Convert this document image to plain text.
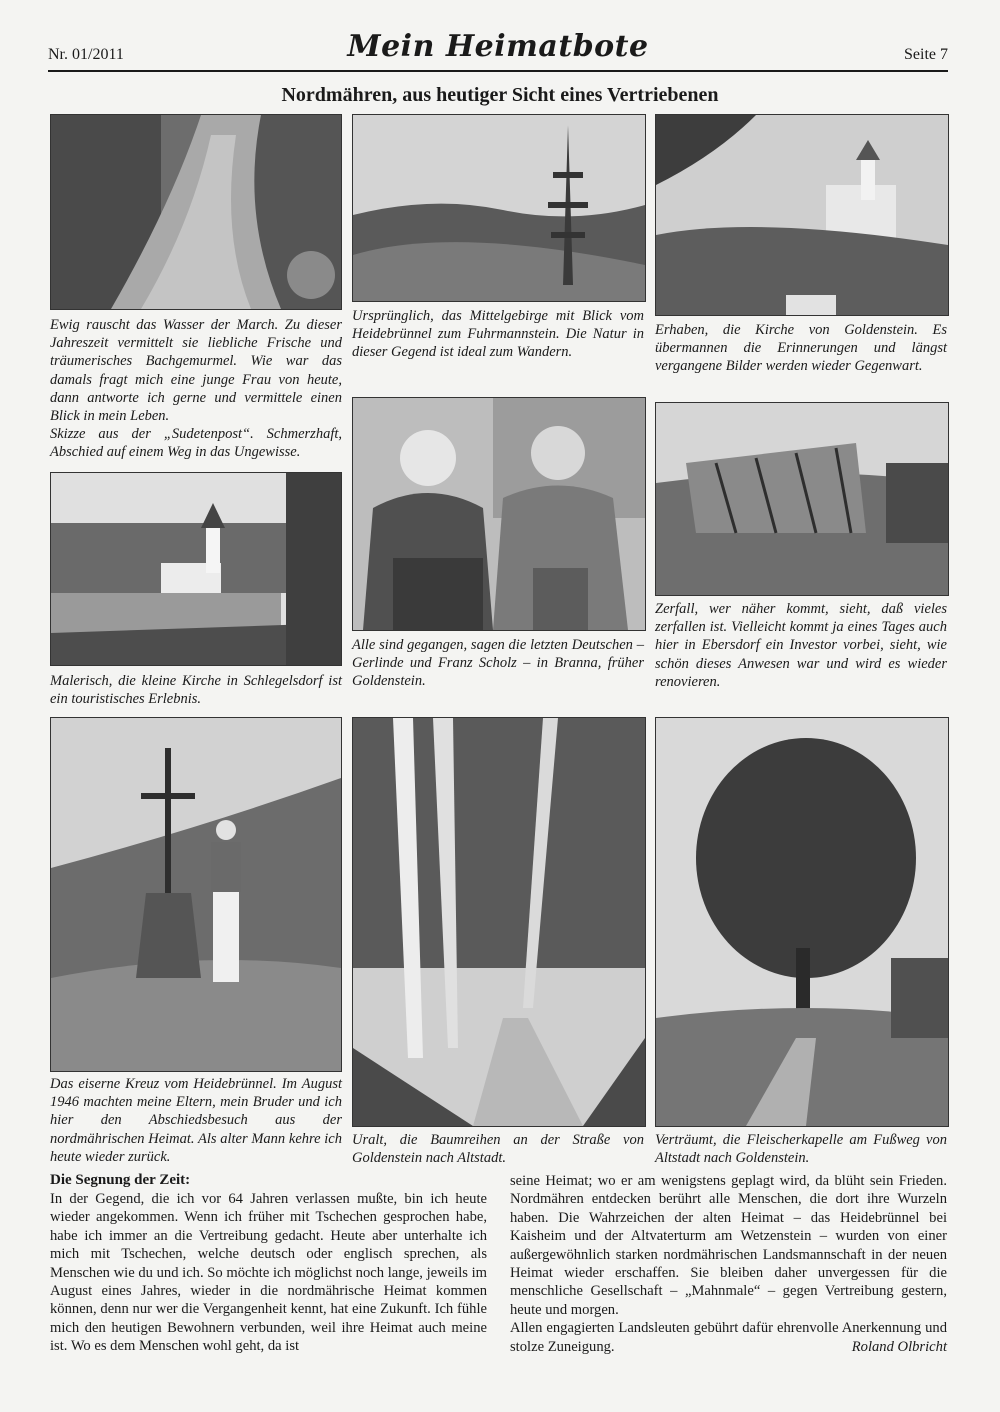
Nr. 01/2011	Mein Heimatbote	Seite 7
Nordmähren, aus heutiger Sicht eines Vertriebenen

Ewig rauscht das Wasser der March. Zu dieser Jahreszeit vermittelt sie liebliche Frische und träumerisches Bachgemurmel. Wie war das damals fragt mich eine junge Frau von heute, dann antworte ich gerne und vermittele einen Blick in mein Leben.

Skizze aus der „Sudetenpost“. Schmerzhaft, Abschied auf einem Weg in das Ungewisse.

Ursprünglich, das Mittelgebirge mit Blick vom Heidebrünnel zum Fuhrmannstein. Die Natur in dieser Gegend ist ideal zum Wandern.

Erhaben, die Kirche von Goldenstein. Es übermannen die Erinnerungen und längst vergangene Bilder werden wieder Gegenwart.

Malerisch, die kleine Kirche in Schlegelsdorf ist ein touristisches Erlebnis.

Alle sind gegangen, sagen die letzten Deutschen – Gerlinde und Franz Scholz – in Branna, früher Goldenstein.

Zerfall, wer näher kommt, sieht, daß vieles zerfallen ist. Vielleicht kommt ja eines Tages auch hier in Ebersdorf ein Investor vorbei, sieht, wie schön dieses Anwesen war und wird es wieder renovieren.

Das eiserne Kreuz vom Heidebrünnel. Im August 1946 machten meine Eltern, mein Bruder und ich hier den Abschiedsbesuch aus der nordmährischen Heimat. Als alter Mann kehre ich heute wieder zurück.

Uralt, die Baumreihen an der Straße von Goldenstein nach Altstadt.

Verträumt, die Fleischerkapelle am Fußweg von Altstadt nach Goldenstein.

Die Segnung der Zeit:

In der Gegend, die ich vor 64 Jahren verlassen mußte, bin ich heute wieder angekommen. Wenn ich früher mit Tschechen gesprochen habe, habe ich immer an die Vertreibung gedacht. Heute aber unterhalte ich mich mit Tschechen, welche deutsch oder englisch sprechen, als Menschen wie du und ich. So möchte ich möglichst noch lange, jeweils im August eines Jahres, wieder in die nordmährische Heimat kommen können, denn nur wer die Vergangenheit kennt, hat eine Zukunft. Ich fühle mich den heutigen Bewohnern verbunden, weil ihre Heimat auch meine ist. Wo es dem Menschen wohl geht, da ist

seine Heimat; wo er am wenigstens geplagt wird, da blüht sein Frieden. Nordmähren entdecken berührt alle Menschen, die dort ihre Wurzeln haben. Die Wahrzeichen der alten Heimat – das Heidebrünnel bei Kaisheim und der Altvaterturm am Wetzenstein – wurden von einer außergewöhnlich starken nordmährischen Landsmannschaft in der neuen Heimat wieder erschaffen. Sie bleiben daher unvergessen für die menschliche Gesellschaft – „Mahnmale“ – gegen Vertreibung gestern, heute und morgen.

Allen engagierten Landsleuten gebührt dafür ehrenvolle Anerkennung und stolze Zuneigung.	Roland Olbricht
